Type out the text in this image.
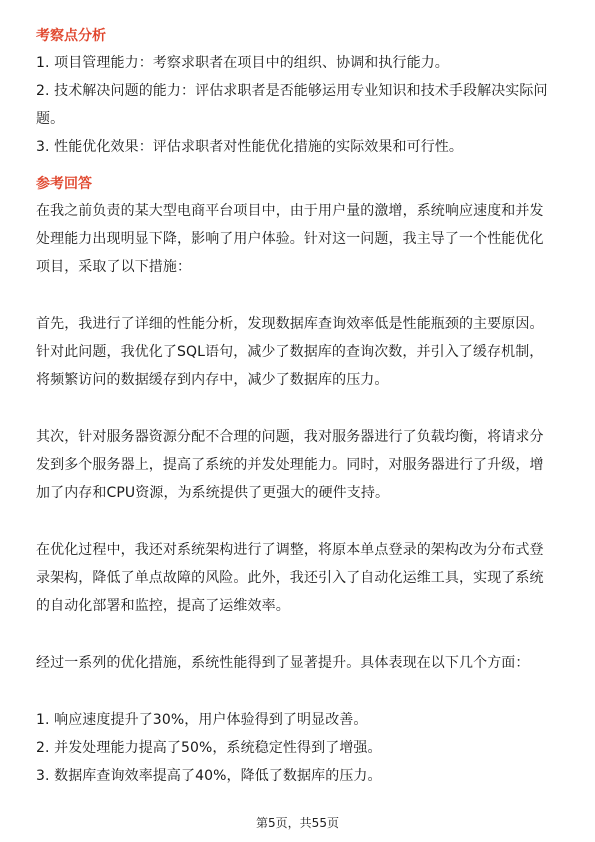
考察点分析
1. 项目管理能力：考察求职者在项目中的组织、协调和执行能力。
2. 技术解决问题的能力：评估求职者是否能够运用专业知识和技术手段解决实际问
题。
3. 性能优化效果：评估求职者对性能优化措施的实际效果和可行性。
参考回答
在我之前负责的某大型电商平台项目中，由于用户量的激增，系统响应速度和并发
处理能力出现明显下降，影响了用户体验。针对这一问题，我主导了一个性能优化
项目，采取了以下措施：
首先，我进行了详细的性能分析，发现数据库查询效率低是性能瓶颈的主要原因。
针对此问题，我优化了SQL语句，减少了数据库的查询次数，并引入了缓存机制，
将频繁访问的数据缓存到内存中，减少了数据库的压力。
其次，针对服务器资源分配不合理的问题，我对服务器进行了负载均衡，将请求分
发到多个服务器上，提高了系统的并发处理能力。同时，对服务器进行了升级，增
加了内存和CPU资源，为系统提供了更强大的硬件支持。
在优化过程中，我还对系统架构进行了调整，将原本单点登录的架构改为分布式登
录架构，降低了单点故障的风险。此外，我还引入了自动化运维工具，实现了系统
的自动化部署和监控，提高了运维效率。
经过一系列的优化措施，系统性能得到了显著提升。具体表现在以下几个方面：
1. 响应速度提升了30%，用户体验得到了明显改善。
2. 并发处理能力提高了50%，系统稳定性得到了增强。
3. 数据库查询效率提高了40%，降低了数据库的压力。
第5页，共55页
